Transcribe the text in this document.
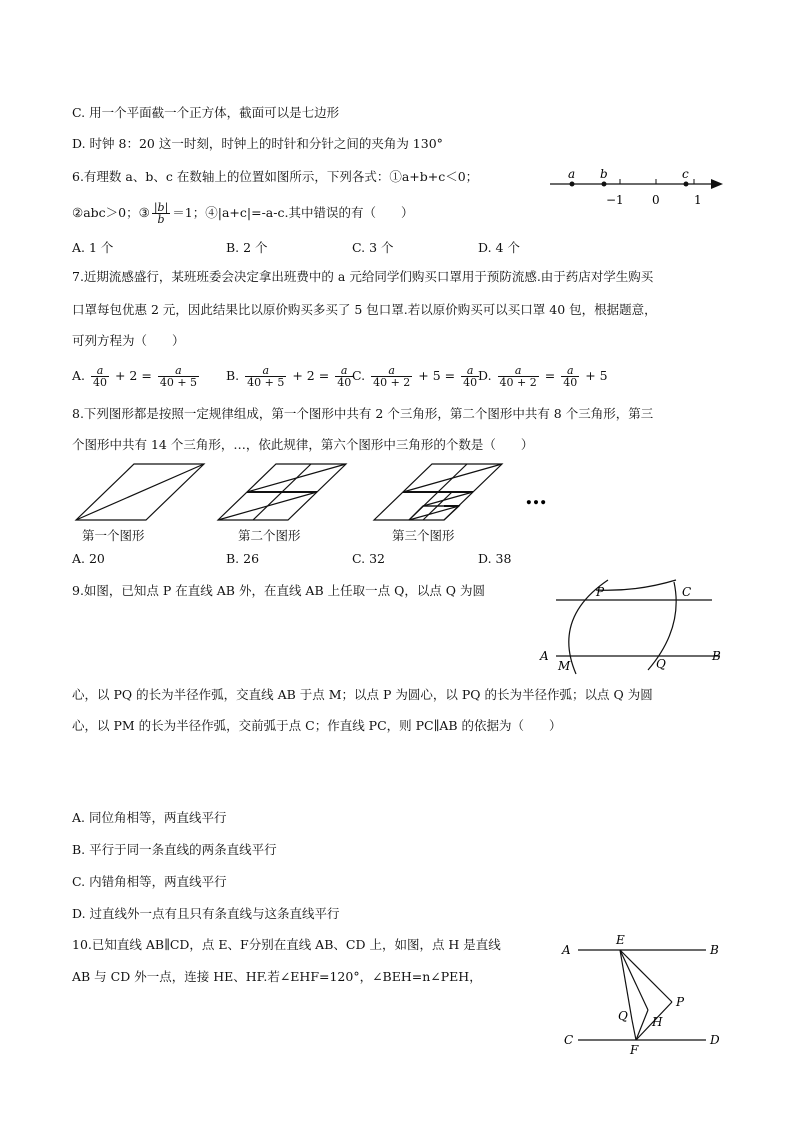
C. 用一个平面截一个正方体，截面可以是七边形
D. 时钟 8：20 这一时刻，时钟上的时针和分针之间的夹角为 130°
6.有理数 a、b、c 在数轴上的位置如图所示，下列各式：①a+b+c＜0；
②abc＞0；③ $\frac{|b|}{b} =1$；④|a+c|=-a-c.其中错误的有（　　）
a b	c
−1 0	1
A. 1 个	B. 2 个	C. 3 个	D. 4 个
7.近期流感盛行，某班班委会决定拿出班费中的 a 元给同学们购买口罩用于预防流感.由于药店对学生购买
口罩每包优惠 2 元，因此结果比以原价购买多买了 5 包口罩.若以原价购买可以买口罩 40 包，根据题意，
可列方程为（　　）
A. $\frac{a}{40} + 2 = \frac{a}{40 + 5} B$. $\frac{a}{40 + 5} + 2 = \frac{a}{40}$
C. $\frac{a}{40 + 2} + 5 = \frac{a}{40}$
D. $\frac{a}{40 + 2} = \frac{a}{40} + 5$
8.下列图形都是按照一定规律组成，第一个图形中共有 2 个三角形，第二个图形中共有 8 个三角形，第三
个图形中共有 14 个三角形，…，依此规律，第六个图形中三角形的个数是（　　）
…
第一个图形	第二个图形	第三个图形
A. 20	B. 26	C. 32	D. 38
9.如图，已知点 P 在直线 AB 外，在直线 AB 上任取一点 Q，以点 Q 为圆	P	C
A
M	Q
B
心，以 PQ 的长为半径作弧，交直线 AB 于点 M；以点 P 为圆心，以 PQ 的长为半径作弧；以点 Q 为圆
心，以 PM 的长为半径作弧，交前弧于点 C；作直线 PC，则 PC∥AB 的依据为（　　）
A. 同位角相等，两直线平行
B. 平行于同一条直线的两条直线平行
C. 内错角相等，两直线平行
D. 过直线外一点有且只有条直线与这条直线平行
10.已知直线 AB∥CD，点 E、F分别在直线 AB、CD 上，如图，点 H 是直线
AB 与 CD 外一点，连接 HE、HF.若∠EHF=120°，∠BEH=n∠PEH，
A
E
B
P
Q H
C
F
D
